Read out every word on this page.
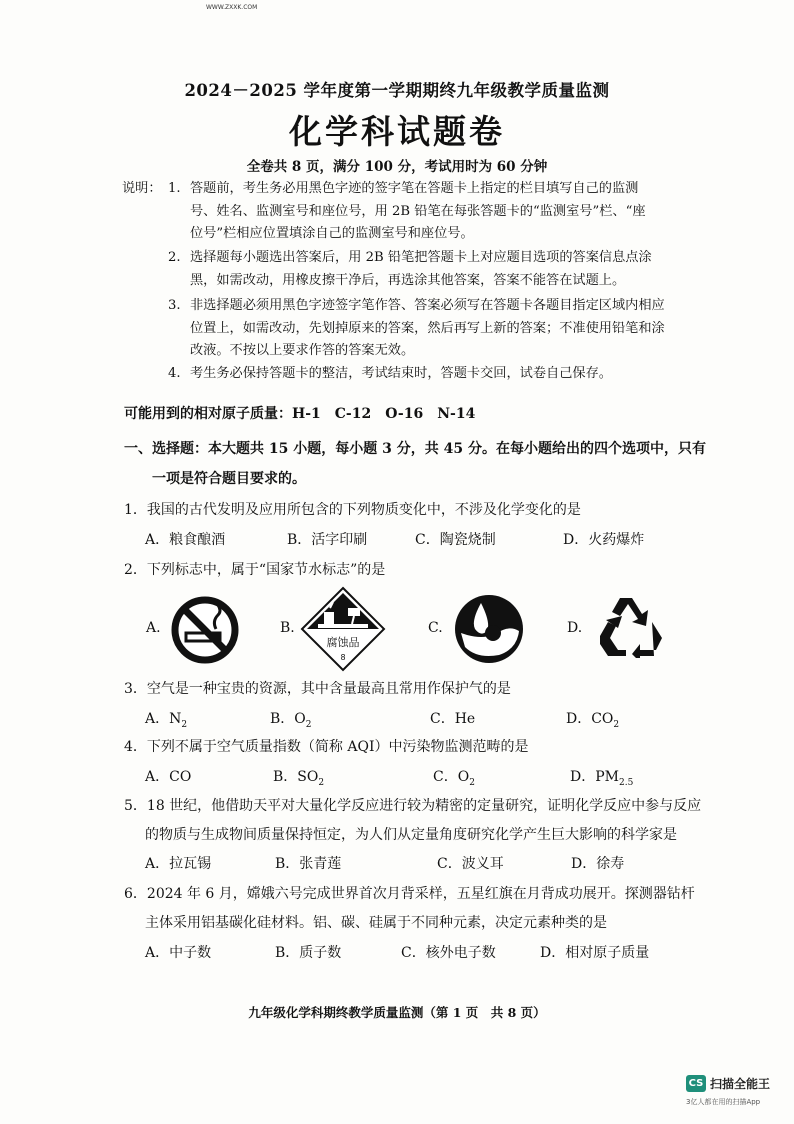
WWW.ZXXK.COM
2024－2025 学年度第一学期期终九年级教学质量监测
化学科试题卷
全卷共 8 页，满分 100 分，考试用时为 60 分钟
说明： 1. 答题前，考生务必用黑色字迹的签字笔在答题卡上指定的栏目填写自己的监测
号、姓名、监测室号和座位号，用 2B 铅笔在每张答题卡的“监测室号”栏、“座
位号”栏相应位置填涂自己的监测室号和座位号。
2. 选择题每小题选出答案后，用 2B 铅笔把答题卡上对应题目选项的答案信息点涂
黑，如需改动，用橡皮擦干净后，再选涂其他答案，答案不能答在试题上。
3. 非选择题必须用黑色字迹签字笔作答、答案必须写在答题卡各题目指定区域内相应
位置上，如需改动，先划掉原来的答案，然后再写上新的答案；不准使用铅笔和涂
改液。不按以上要求作答的答案无效。
4. 考生务必保持答题卡的整洁，考试结束时，答题卡交回，试卷自己保存。
可能用到的相对原子质量：H-1　C-12　O-16　N-14
一、选择题：本大题共 15 小题，每小题 3 分，共 45 分。在每小题给出的四个选项中，只有
一项是符合题目要求的。
1．我国的古代发明及应用所包含的下列物质变化中，不涉及化学变化的是
A．粮食酿酒	B．活字印刷	C．陶瓷烧制	D．火药爆炸
2．下列标志中，属于“国家节水标志”的是
A.	B.	C.	D.
腐蚀品
8
3．空气是一种宝贵的资源，其中含量最高且常用作保护气的是
A．$N_2$	B．$O_2$	C．He	D．$CO_2$
4．下列不属于空气质量指数（简称 AQI）中污染物监测范畴的是
A．CO	B．$SO_2$	C．$O_2$	D．$PM_{2.5}$
5．18 世纪，他借助天平对大量化学反应进行较为精密的定量研究，证明化学反应中参与反应
的物质与生成物间质量保持恒定，为人们从定量角度研究化学产生巨大影响的科学家是
A．拉瓦锡	B．张青莲	C．波义耳	D．徐寿
6．2024 年 6 月，嫦娥六号完成世界首次月背采样，五星红旗在月背成功展开。探测器钻杆
主体采用铝基碳化硅材料。铝、碳、硅属于不同种元素，决定元素种类的是
A．中子数	B．质子数	C．核外电子数	D．相对原子质量
九年级化学科期终教学质量监测（第 1 页　共 8 页）
CS 扫描全能王
3亿人都在用的扫描App
